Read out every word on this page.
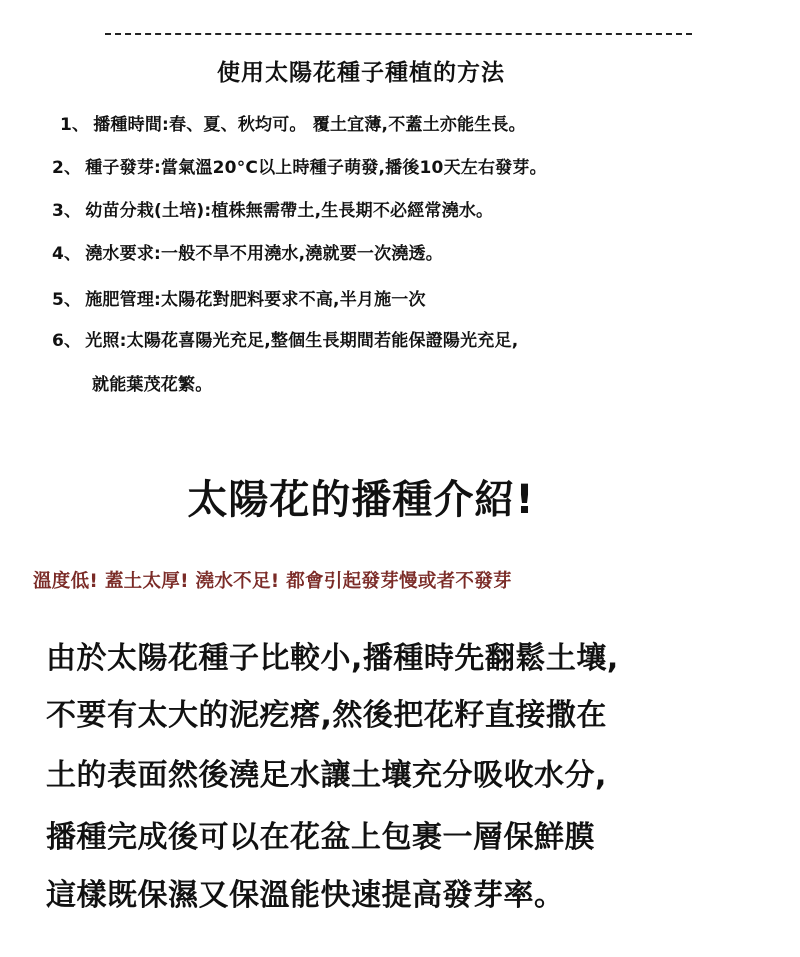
使用太陽花種子種植的方法
1、 播種時間:春、夏、秋均可。 覆土宜薄,不蓋土亦能生長。
2、 種子發芽:當氣溫20°C以上時種子萌發,播後10天左右發芽。
3、 幼苗分栽(土培):植株無需帶土,生長期不必經常澆水。
4、 澆水要求:一般不旱不用澆水,澆就要一次澆透。
5、 施肥管理:太陽花對肥料要求不高,半月施一次
6、 光照:太陽花喜陽光充足,整個生長期間若能保證陽光充足,
就能葉茂花繁。
太陽花的播種介紹!
溫度低! 蓋土太厚! 澆水不足! 都會引起發芽慢或者不發芽
由於太陽花種子比較小,播種時先翻鬆土壤,
不要有太大的泥疙瘩,然後把花籽直接撒在
土的表面然後澆足水讓土壤充分吸收水分,
播種完成後可以在花盆上包裹一層保鮮膜
這樣既保濕又保溫能快速提高發芽率。
